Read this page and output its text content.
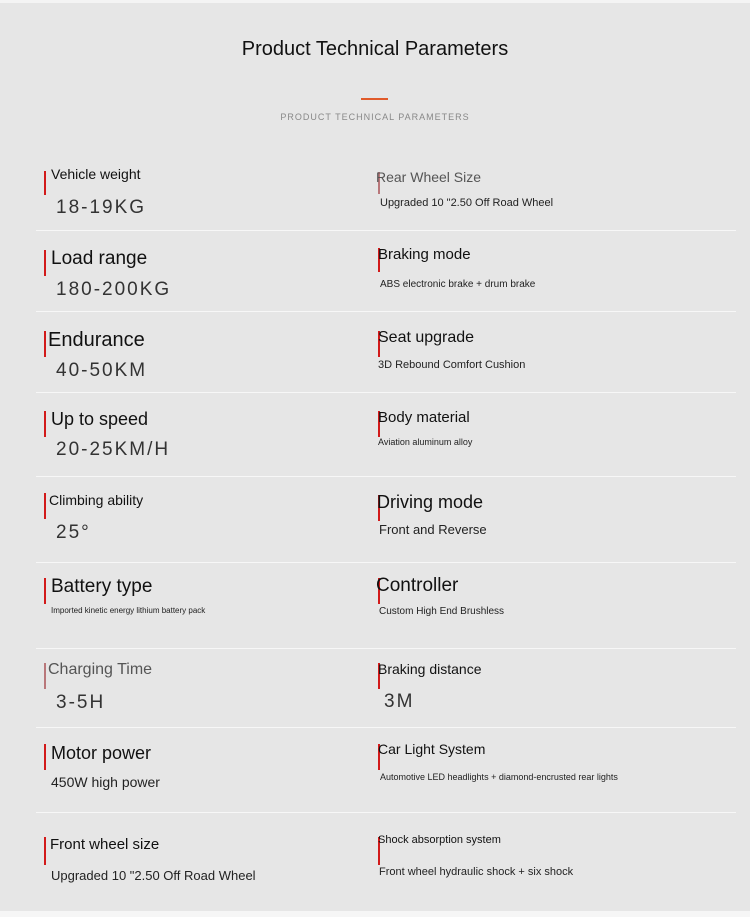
Product Technical Parameters
PRODUCT TECHNICAL PARAMETERS
Vehicle weight
18-19KG
Rear Wheel Size
Upgraded 10 "2.50 Off Road Wheel
Load range
180-200KG
Braking mode
ABS electronic brake + drum brake
Endurance
40-50KM
Seat upgrade
3D Rebound Comfort Cushion
Up to speed
20-25KM/H
Body material
Aviation aluminum alloy
Climbing ability
25°
Driving mode
Front and Reverse
Battery type
Imported kinetic energy lithium battery pack
Controller
Custom High End Brushless
Charging Time
3-5H
Braking distance
3M
Motor power
450W high power
Car Light System
Automotive LED headlights + diamond-encrusted rear lights
Front wheel size
Upgraded 10 "2.50 Off Road Wheel
Shock absorption system
Front wheel hydraulic shock + six shock
